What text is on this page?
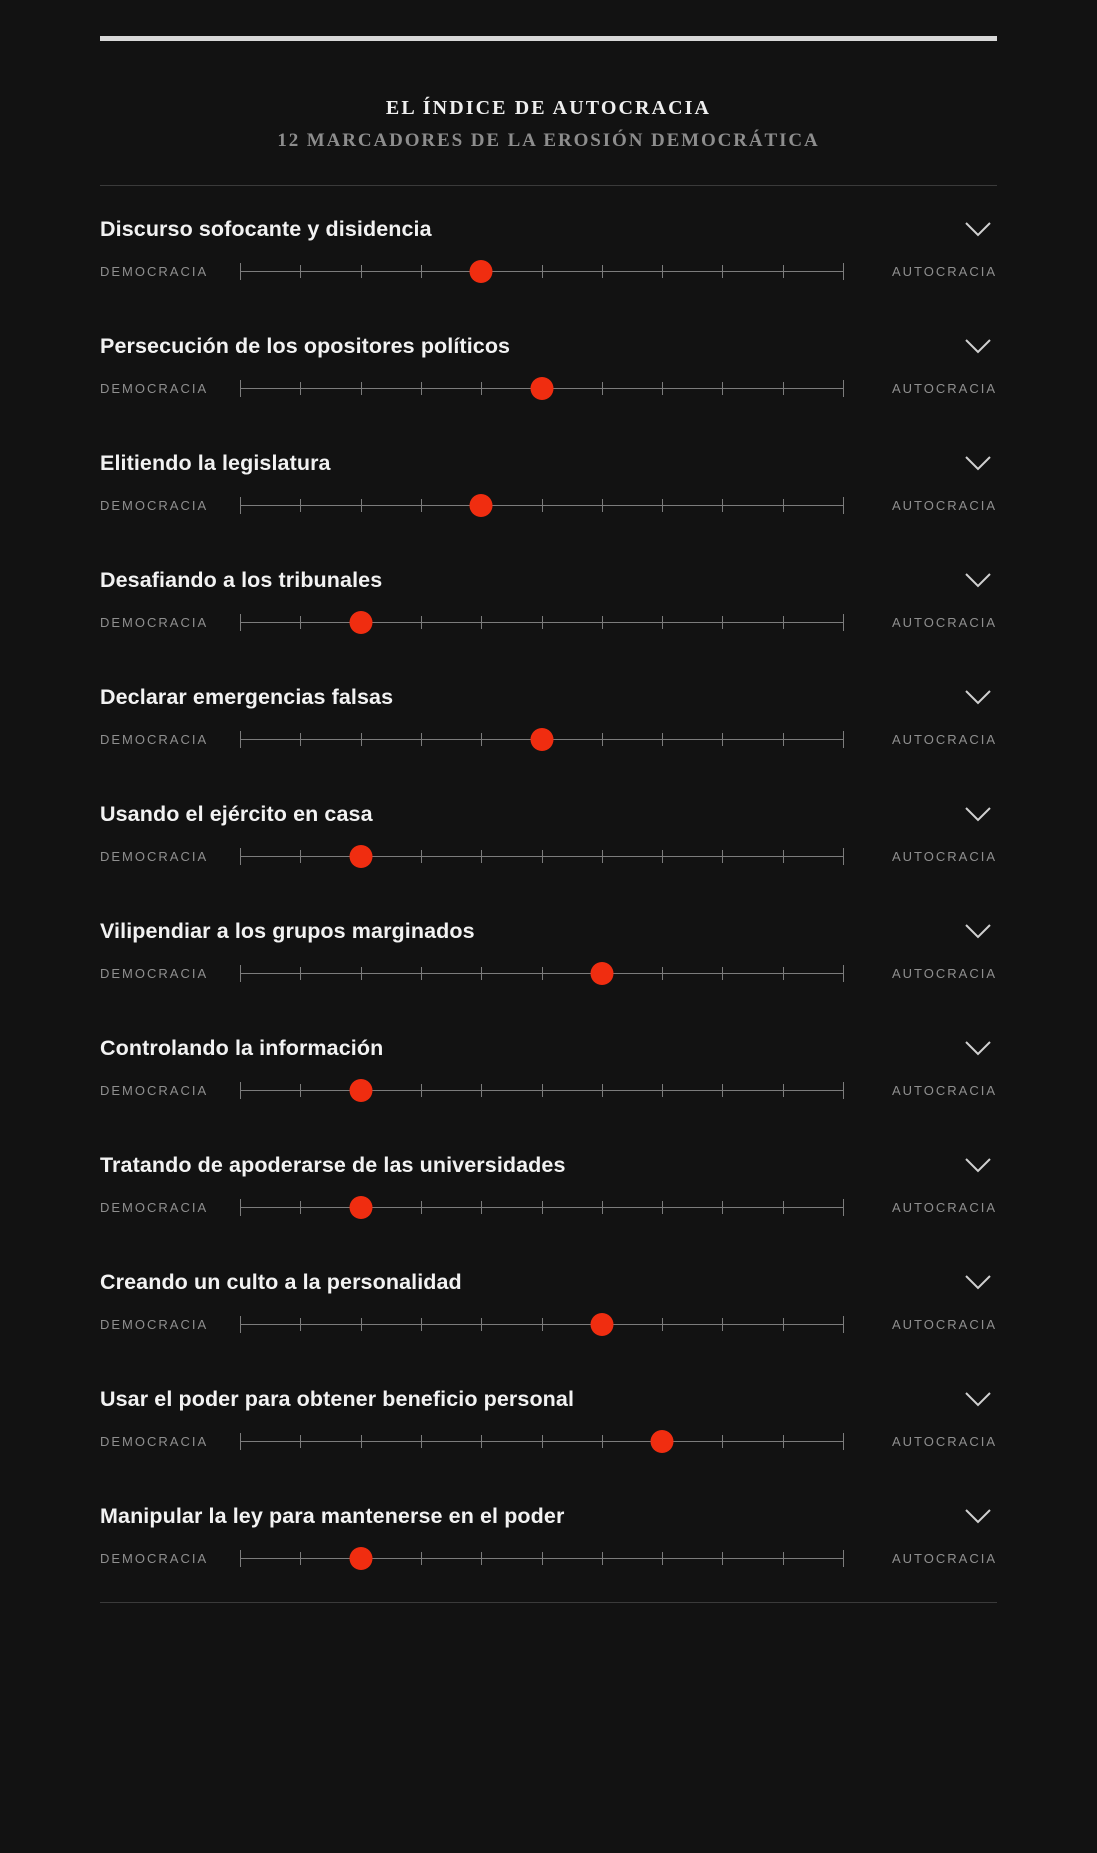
EL ÍNDICE DE AUTOCRACIA
12 MARCADORES DE LA EROSIÓN DEMOCRÁTICA
Discurso sofocante y disidencia
DEMOCRACIA	AUTOCRACIA
Persecución de los opositores políticos
DEMOCRACIA	AUTOCRACIA
Elitiendo la legislatura
DEMOCRACIA	AUTOCRACIA
Desafiando a los tribunales
DEMOCRACIA	AUTOCRACIA
Declarar emergencias falsas
DEMOCRACIA	AUTOCRACIA
Usando el ejército en casa
DEMOCRACIA	AUTOCRACIA
Vilipendiar a los grupos marginados
DEMOCRACIA	AUTOCRACIA
Controlando la información
DEMOCRACIA	AUTOCRACIA
Tratando de apoderarse de las universidades
DEMOCRACIA	AUTOCRACIA
Creando un culto a la personalidad
DEMOCRACIA	AUTOCRACIA
Usar el poder para obtener beneficio personal
DEMOCRACIA	AUTOCRACIA
Manipular la ley para mantenerse en el poder
DEMOCRACIA	AUTOCRACIA
